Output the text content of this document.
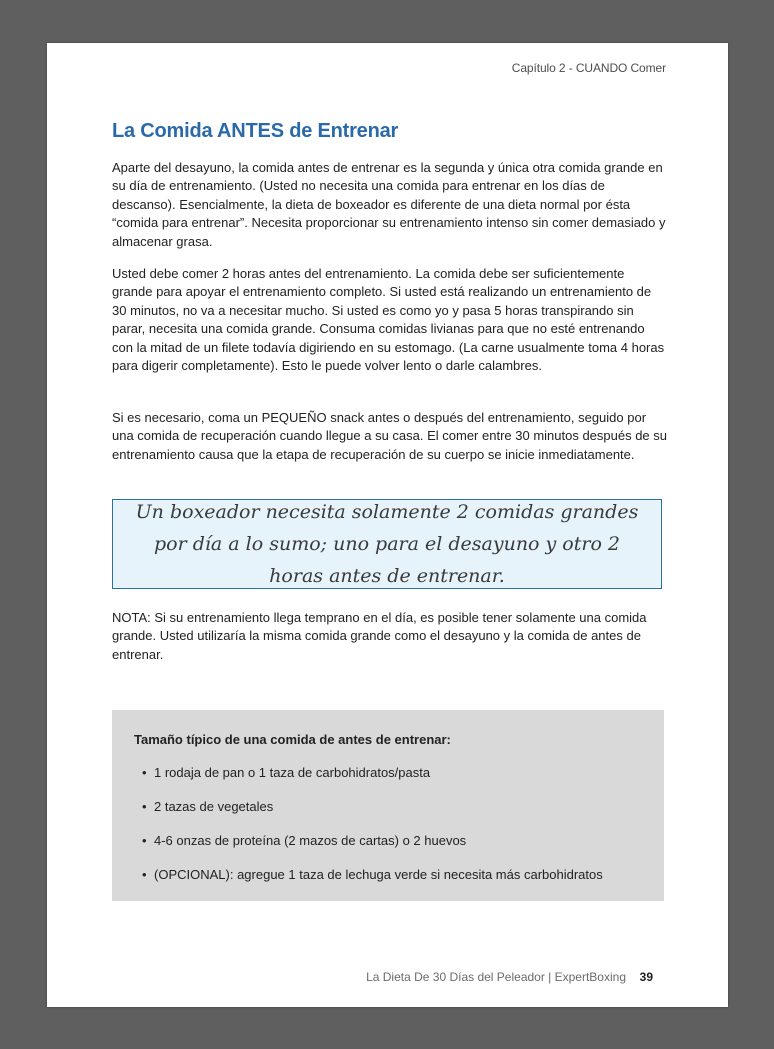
Capítulo 2 - CUANDO Comer
La Comida ANTES de Entrenar

Aparte del desayuno, la comida antes de entrenar es la segunda y única otra comida grande en su día de entrenamiento. (Usted no necesita una comida para entrenar en los días de descanso). Esencialmente, la dieta de boxeador es diferente de una dieta normal por ésta “comida para entrenar”. Necesita proporcionar su entrenamiento intenso sin comer demasiado y almacenar grasa.

Usted debe comer 2 horas antes del entrenamiento. La comida debe ser suficientemente grande para apoyar el entrenamiento completo. Si usted está realizando un entrenamiento de 30 minutos, no va a necesitar mucho. Si usted es como yo y pasa 5 horas transpirando sin parar, necesita una comida grande. Consuma comidas livianas para que no esté entrenando con la mitad de un filete todavía digiriendo en su estomago. (La carne usualmente toma 4 horas para digerir completamente). Esto le puede volver lento o darle calambres.

Si es necesario, coma un PEQUEÑO snack antes o después del entrenamiento, seguido por una comida de recuperación cuando llegue a su casa. El comer entre 30 minutos después de su entrenamiento causa que la etapa de recuperación de su cuerpo se inicie inmediatamente.

Un boxeador necesita solamente 2 comidas grandes por día a lo sumo; uno para el desayuno y otro 2 horas antes de entrenar.

NOTA: Si su entrenamiento llega temprano en el día, es posible tener solamente una comida grande. Usted utilizaría la misma comida grande como el desayuno y la comida de antes de entrenar.

Tamaño típico de una comida de antes de entrenar:
• 1 rodaja de pan o 1 taza de carbohidratos/pasta
• 2 tazas de vegetales
• 4-6 onzas de proteína (2 mazos de cartas) o 2 huevos
• (OPCIONAL): agregue 1 taza de lechuga verde si necesita más carbohidratos
La Dieta De 30 Días del Peleador | ExpertBoxing 39
